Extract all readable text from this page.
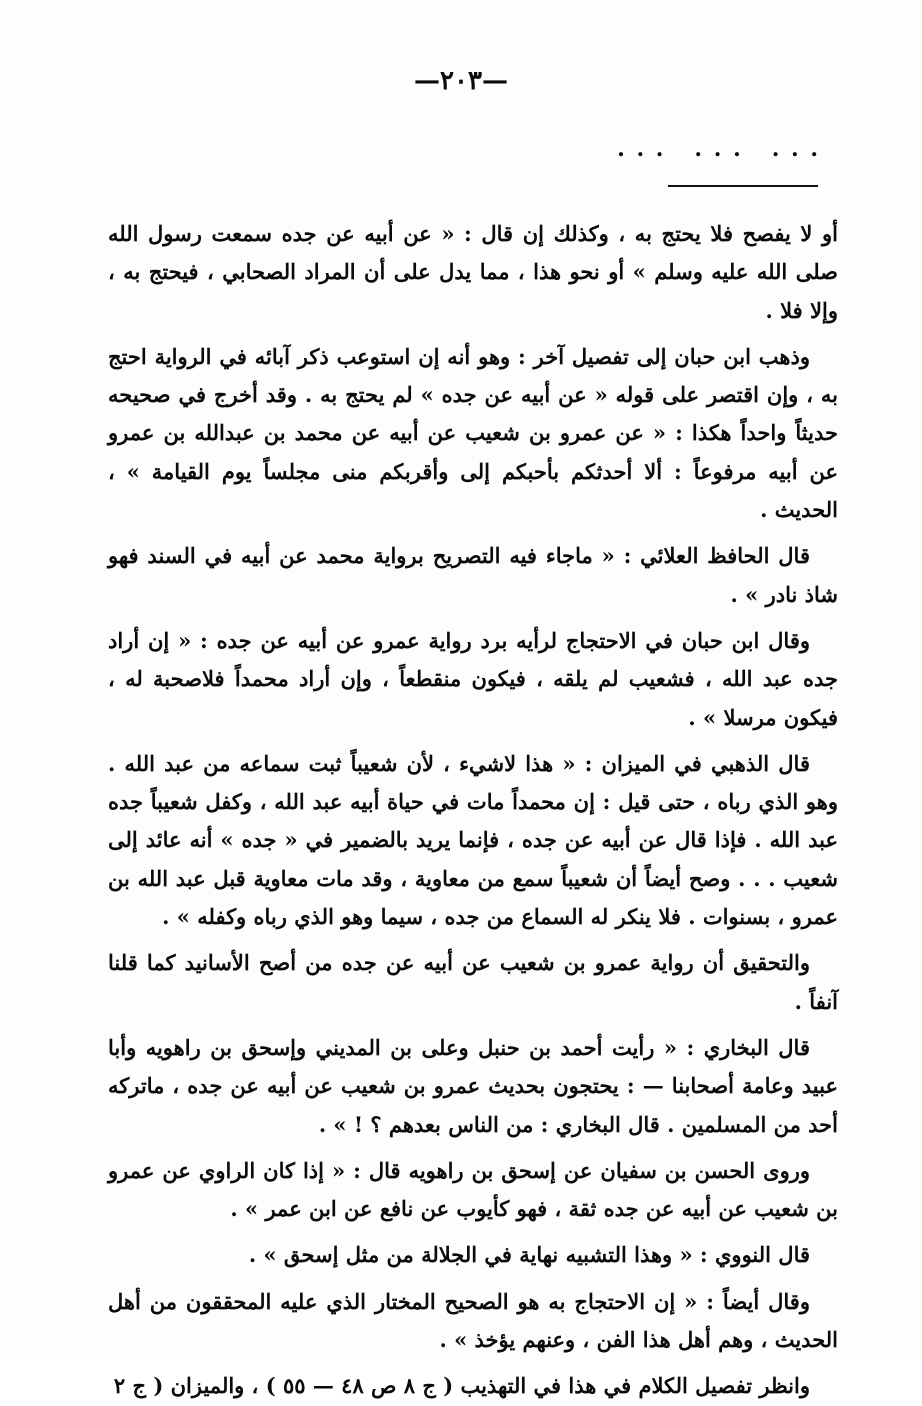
—٢٠٣—
. . .   . . .   . . .

أو لا يفصح فلا يحتج به ، وكذلك إن قال : « عن أبيه عن جده سمعت رسول الله صلى الله عليه وسلم » أو نحو هذا ، مما يدل على أن المراد الصحابي ، فيحتج به ، وإلا فلا .

وذهب ابن حبان إلى تفصيل آخر : وهو أنه إن استوعب ذكر آبائه في الرواية احتج به ، وإن اقتصر على قوله « عن أبيه عن جده » لم يحتج به . وقد أخرج في صحيحه حديثاً واحداً هكذا : « عن عمرو بن شعيب عن أبيه عن محمد بن عبدالله بن عمرو عن أبيه مرفوعاً : ألا أحدثكم بأحبكم إلى وأقربكم منى مجلساً يوم القيامة » ، الحديث .

قال الحافظ العلائي : « ماجاء فيه التصريح برواية محمد عن أبيه في السند فهو شاذ نادر » .

وقال ابن حبان في الاحتجاج لرأيه برد رواية عمرو عن أبيه عن جده : « إن أراد جده عبد الله ، فشعيب لم يلقه ، فيكون منقطعاً ، وإن أراد محمداً فلاصحبة له ، فيكون مرسلا » .

قال الذهبي في الميزان : « هذا لاشيء ، لأن شعيباً ثبت سماعه من عبد الله . وهو الذي رباه ، حتى قيل : إن محمداً مات في حياة أبيه عبد الله ، وكفل شعيباً جده عبد الله . فإذا قال عن أبيه عن جده ، فإنما يريد بالضمير في « جده » أنه عائد إلى شعيب . . . وصح أيضاً أن شعيباً سمع من معاوية ، وقد مات معاوية قبل عبد الله بن عمرو ، بسنوات . فلا ينكر له السماع من جده ، سيما وهو الذي رباه وكفله » .

والتحقيق أن رواية عمرو بن شعيب عن أبيه عن جده من أصح الأسانيد كما قلنا آنفاً .

قال البخاري : « رأيت أحمد بن حنبل وعلى بن المديني وإسحق بن راهويه وأبا عبيد وعامة أصحابنا — : يحتجون بحديث عمرو بن شعيب عن أبيه عن جده ، ماتركه أحد من المسلمين . قال البخاري : من الناس بعدهم ؟ ! » .

وروى الحسن بن سفيان عن إسحق بن راهويه قال : « إذا كان الراوي عن عمرو بن شعيب عن أبيه عن جده ثقة ، فهو كأيوب عن نافع عن ابن عمر » .

قال النووي : « وهذا التشبيه نهاية في الجلالة من مثل إسحق » .

وقال أيضاً : « إن الاحتجاج به هو الصحيح المختار الذي عليه المحققون من أهل الحديث ، وهم أهل هذا الفن ، وعنهم يؤخذ » .

وانظر تفصيل الكلام في هذا في التهذيب ( ج ٨ ص ٤٨ — ٥٥ ) ، والميزان ( ج ٢
